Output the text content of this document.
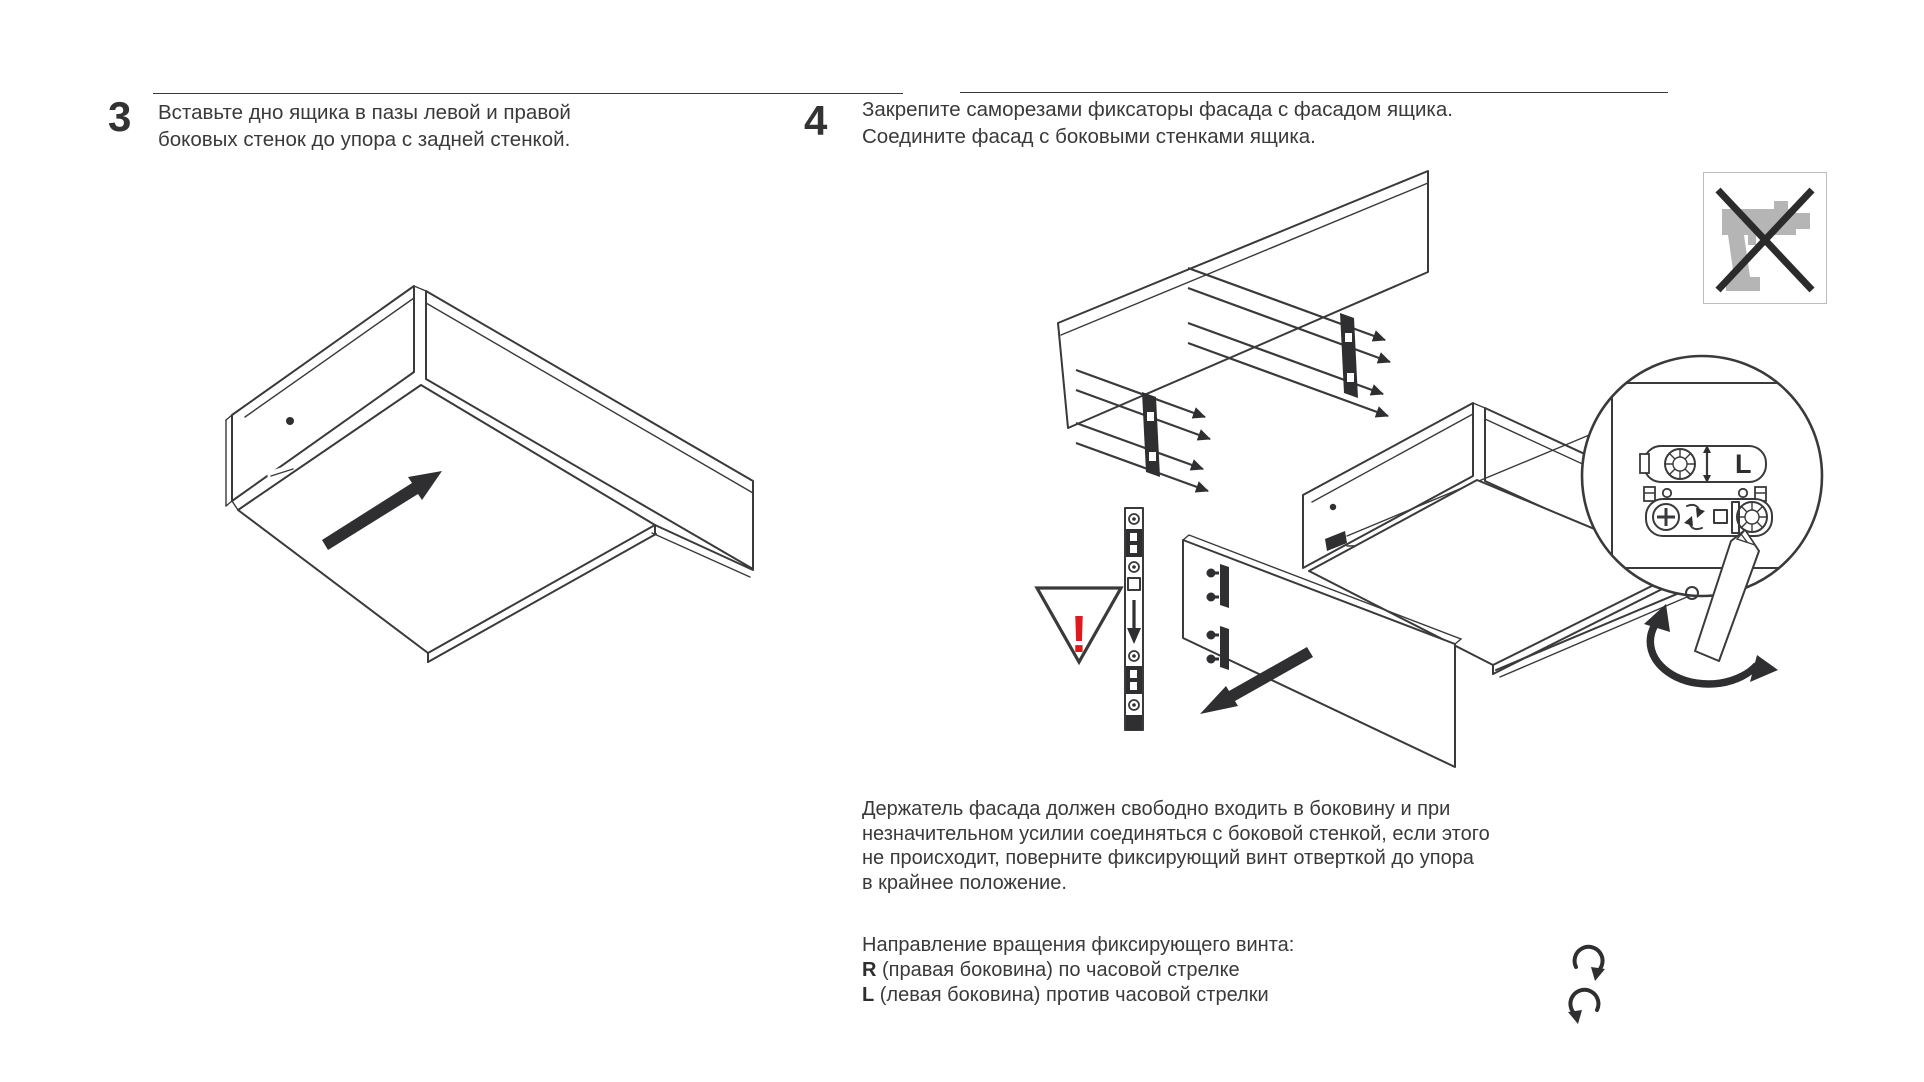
3 Вставьте дно ящика в пазы левой и правой
боковых стенок до упора с задней стенкой.	4 Закрепите саморезами фиксаторы фасада с фасадом ящика.
Соедините фасад с боковыми стенками ящика.
!
L
Держатель фасада должен свободно входить в боковину и при
незначительном усилии соединяться с боковой стенкой, если этого
не происходит, поверните фиксирующий винт отверткой до упора
в крайнее положение.
Направление вращения фиксирующего винта:
R (правая боковина) по часовой стрелке
L (левая боковина) против часовой стрелки
